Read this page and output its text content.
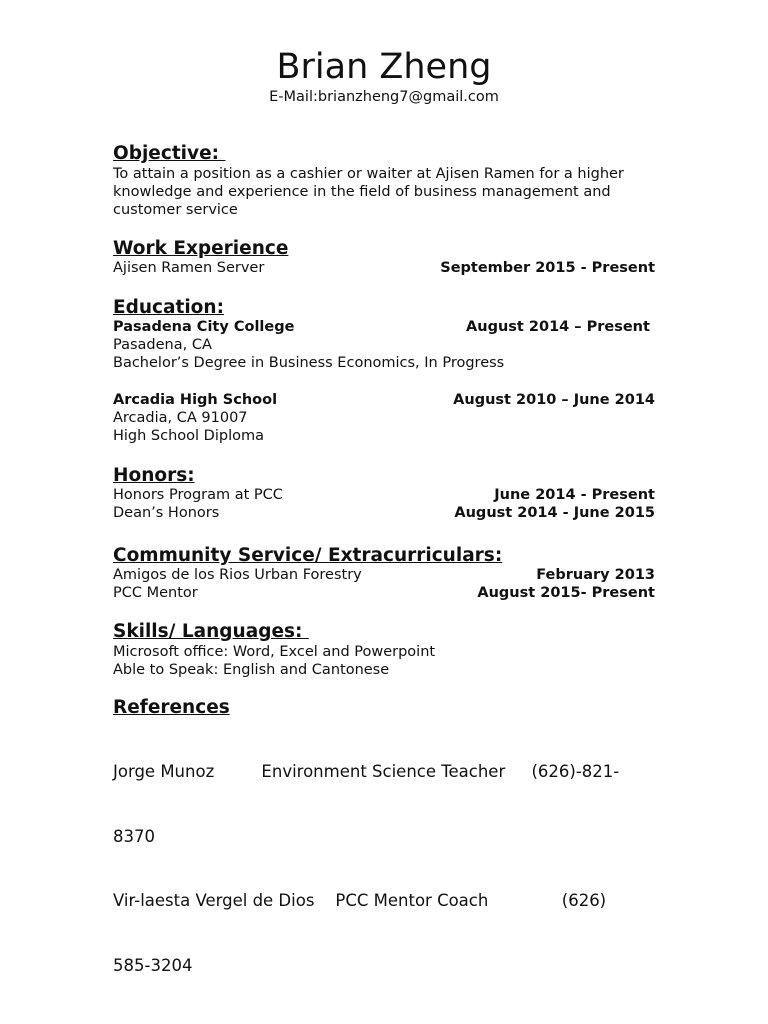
Brian Zheng
E-Mail:brianzheng7@gmail.com
Objective:
To attain a position as a cashier or waiter at Ajisen Ramen for a higher
knowledge and experience in the field of business management and
customer service
Work Experience
Ajisen Ramen Server	September 2015 - Present
Education:
Pasadena City College	August 2014 – Present
Pasadena, CA
Bachelor’s Degree in Business Economics, In Progress
Arcadia High School	August 2010 – June 2014
Arcadia, CA 91007
High School Diploma
Honors:
Honors Program at PCC	June 2014 - Present
Dean’s Honors	August 2014 - June 2015
Community Service/ Extracurriculars:
Amigos de los Rios Urban Forestry	February 2013
PCC Mentor	August 2015- Present
Skills/ Languages:
Microsoft office: Word, Excel and Powerpoint
Able to Speak: English and Cantonese
References

Jorge Munoz         Environment Science Teacher     (626)-821-

8370

Vir-laesta Vergel de Dios    PCC Mentor Coach              (626)

585-3204
